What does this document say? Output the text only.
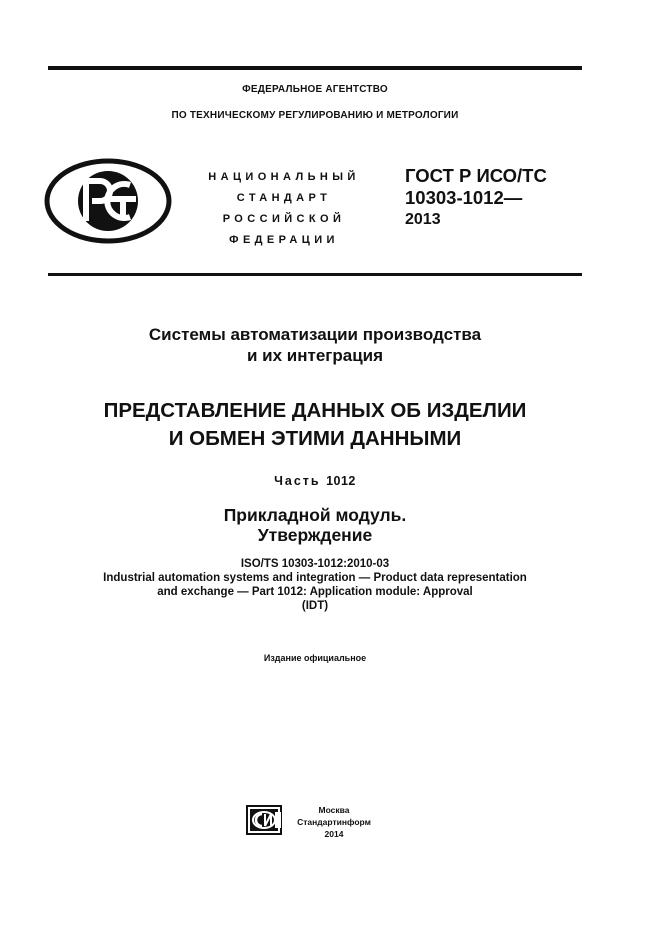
ФЕДЕРАЛЬНОЕ АГЕНТСТВО
ПО ТЕХНИЧЕСКОМУ РЕГУЛИРОВАНИЮ И МЕТРОЛОГИИ
НАЦИОНАЛЬНЫЙ
СТАНДАРТ
РОССИЙСКОЙ
ФЕДЕРАЦИИ
ГОСТ Р ИСО/ТС
10303-1012—
2013
Системы автоматизации производства
и их интеграция
ПРЕДСТАВЛЕНИЕ ДАННЫХ ОБ ИЗДЕЛИИ
И ОБМЕН ЭТИМИ ДАННЫМИ
Часть 1012
Прикладной модуль.
Утверждение
ISO/TS 10303-1012:2010-03
Industrial automation systems and integration — Product data representation
and exchange — Part 1012: Application module: Approval
(IDT)
Издание официальное
Москва
Стандартинформ
2014
